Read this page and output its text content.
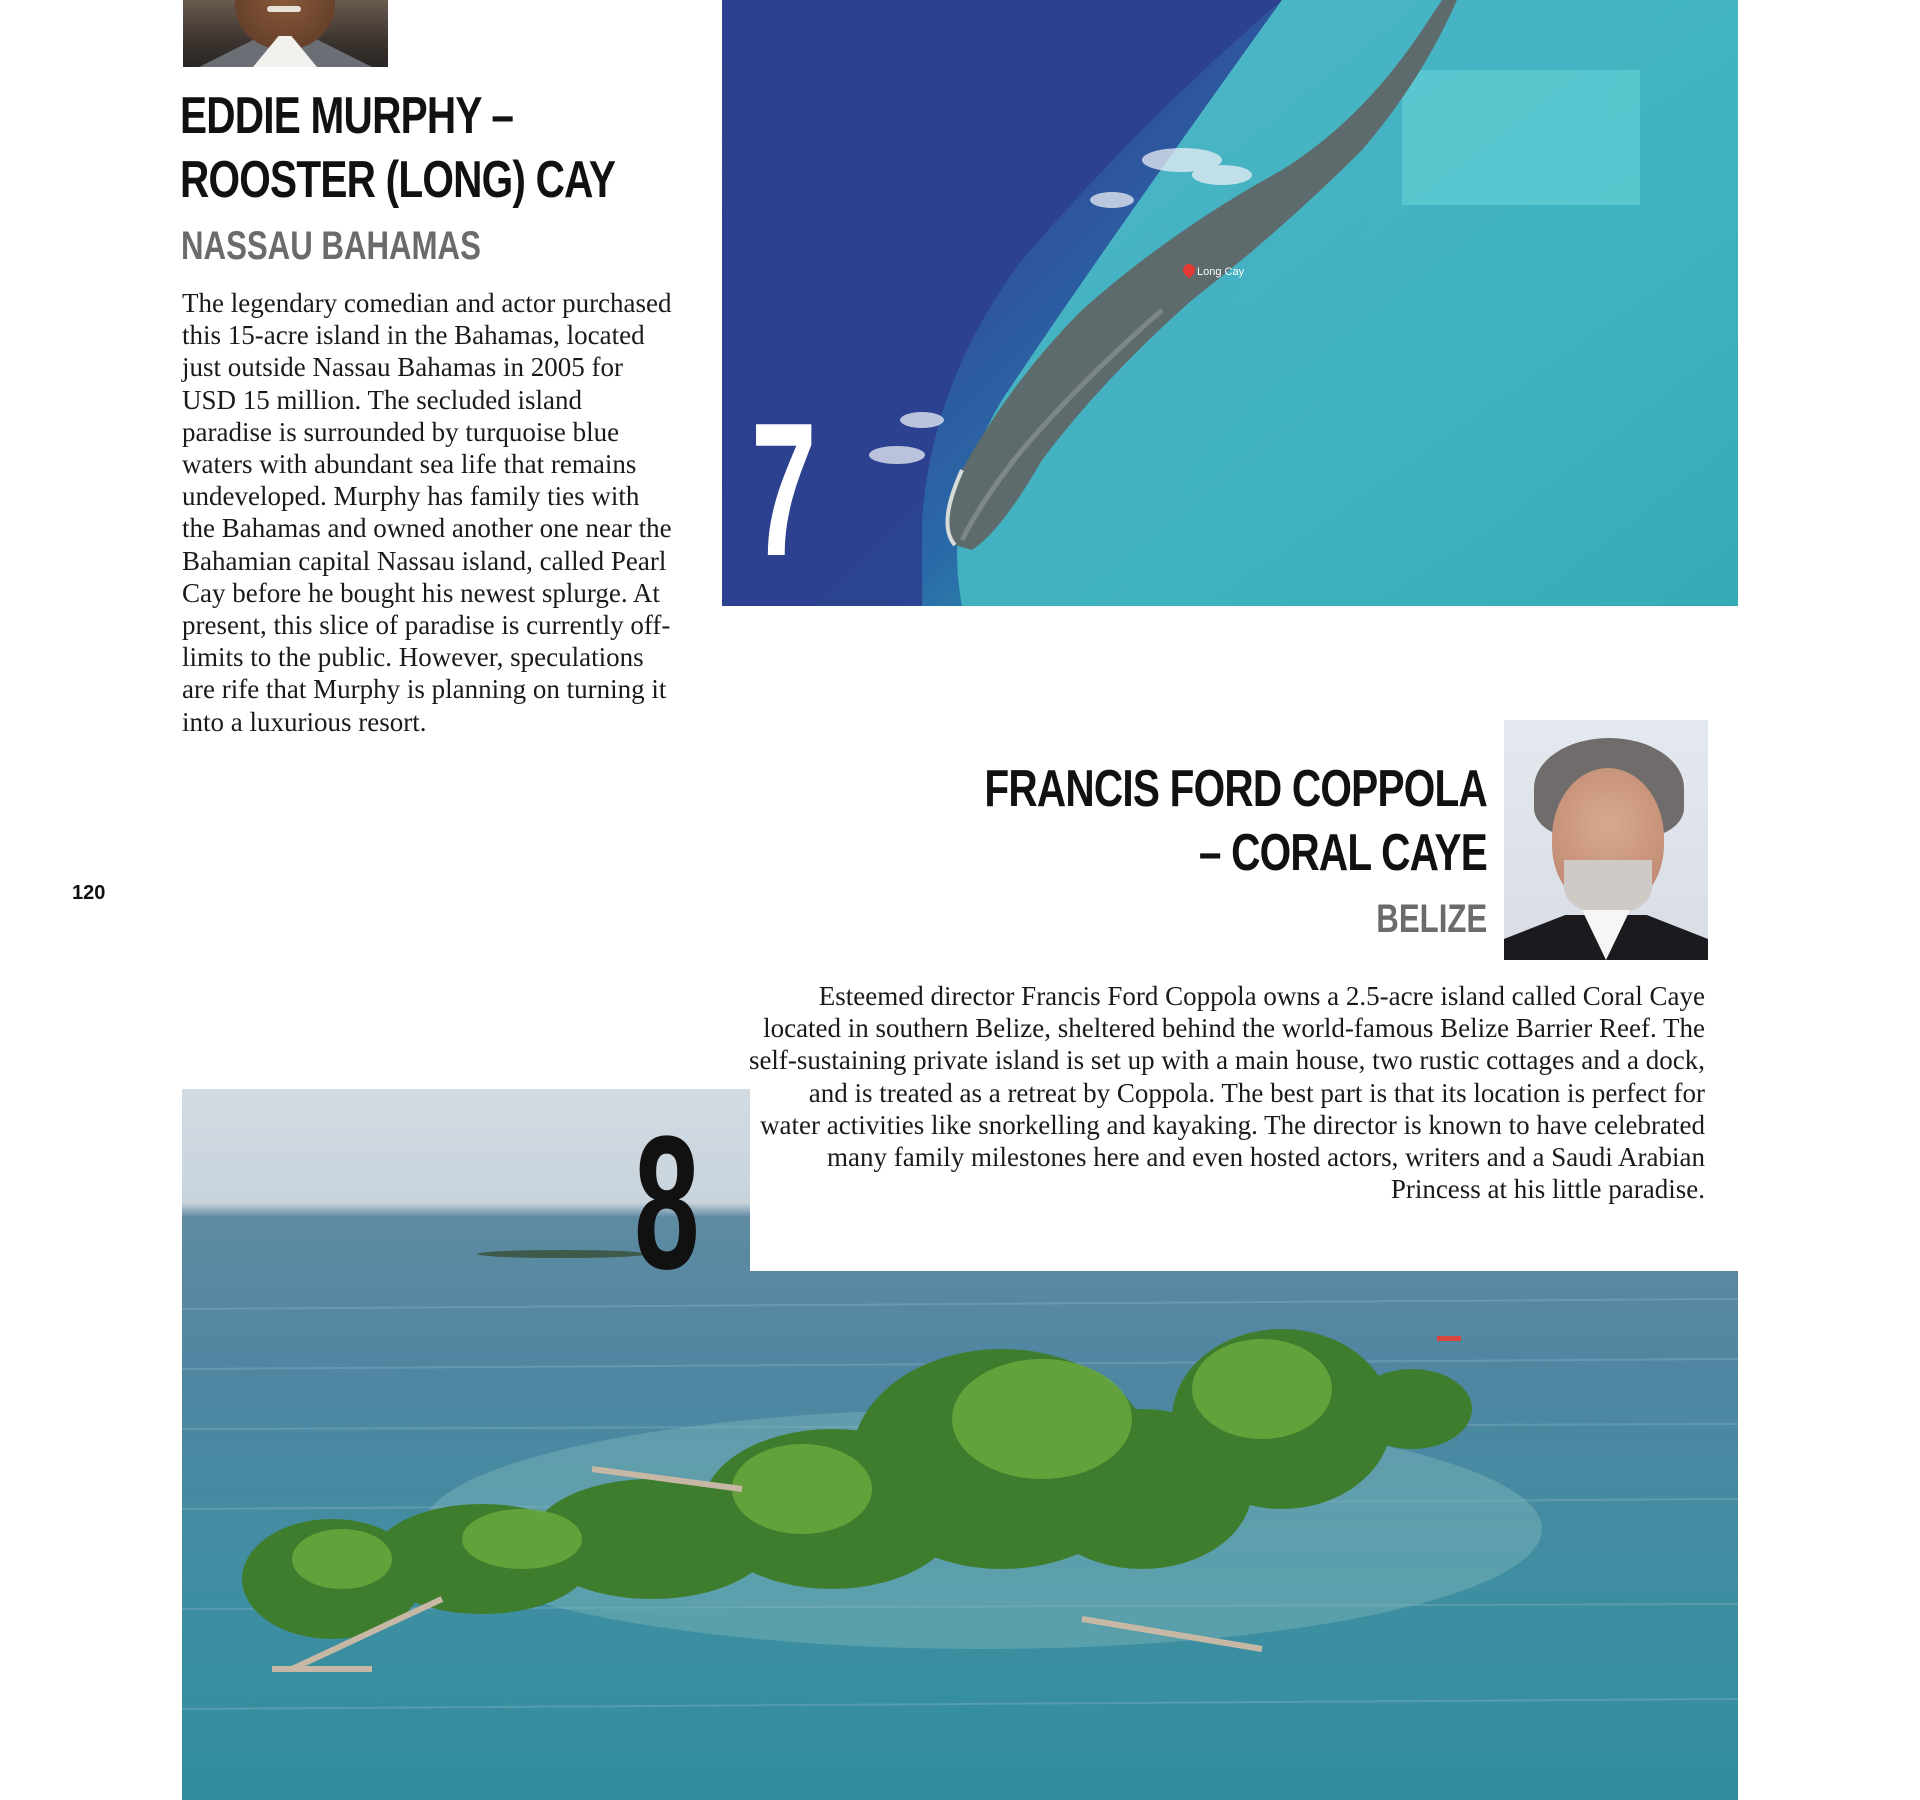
EDDIE MURPHY –
ROOSTER (LONG) CAY
NASSAU BAHAMAS

The legendary comedian and actor purchased this 15-acre island in the Bahamas, located just outside Nassau Bahamas in 2005 for USD 15 million. The secluded island paradise is surrounded by turquoise blue waters with abundant sea life that remains undeveloped. Murphy has family ties with the Bahamas and owned another one near the Bahamian capital Nassau island, called Pearl Cay before he bought his newest splurge. At present, this slice of paradise is currently off-limits to the public. However, speculations are rife that Murphy is planning on turning it into a luxurious resort.

Long Cay
7
FRANCIS FORD COPPOLA
– CORAL CAYE
BELIZE

Esteemed director Francis Ford Coppola owns a 2.5-acre island called Coral Caye located in southern Belize, sheltered behind the world-famous Belize Barrier Reef. The self-sustaining private island is set up with a main house, two rustic cottages and a dock, and is treated as a retreat by Coppola. The best part is that its location is perfect for water activities like snorkelling and kayaking. The director is known to have celebrated many family milestones here and even hosted actors, writers and a Saudi Arabian Princess at his little paradise.

8
120
